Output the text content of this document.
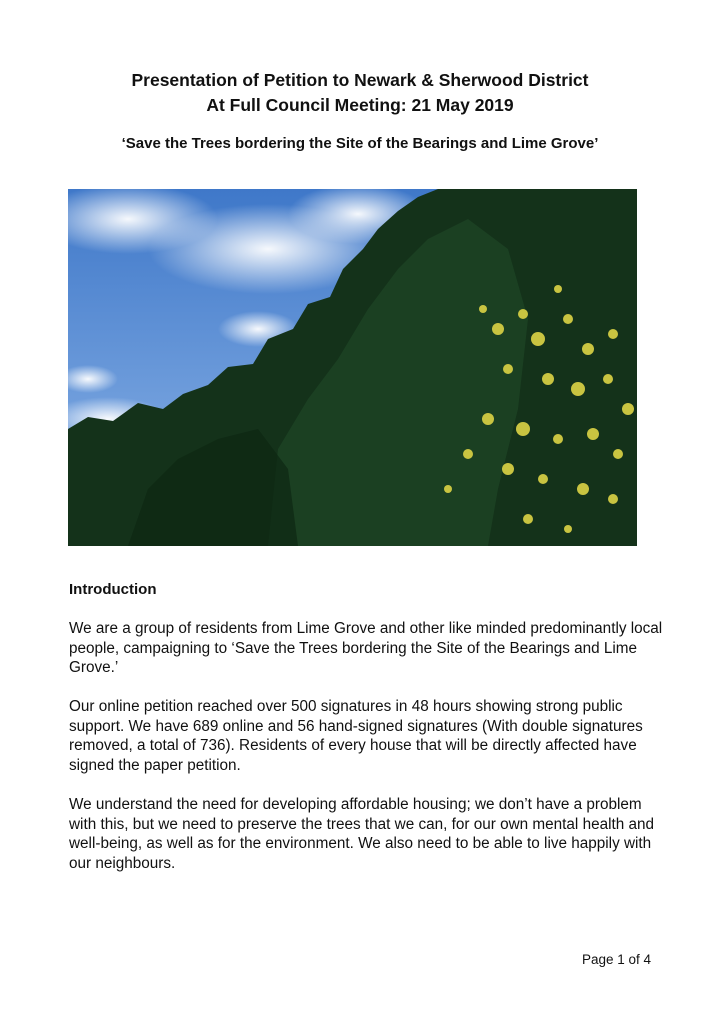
Presentation of Petition to Newark & Sherwood District
At Full Council Meeting: 21 May 2019
‘Save the Trees bordering the Site of the Bearings and Lime Grove’
Introduction
We are a group of residents from Lime Grove and other like minded predominantly local people, campaigning to ‘Save the Trees bordering the Site of the Bearings and Lime Grove.’
Our online petition reached over 500 signatures in 48 hours showing strong public support. We have 689 online and 56 hand-signed signatures (With double signatures removed, a total of 736). Residents of every house that will be directly affected have signed the paper petition.
We understand the need for developing affordable housing; we don’t have a problem with this, but we need to preserve the trees that we can, for our own mental health and well-being, as well as for the environment. We also need to be able to live happily with our neighbours.
Page 1 of 4
